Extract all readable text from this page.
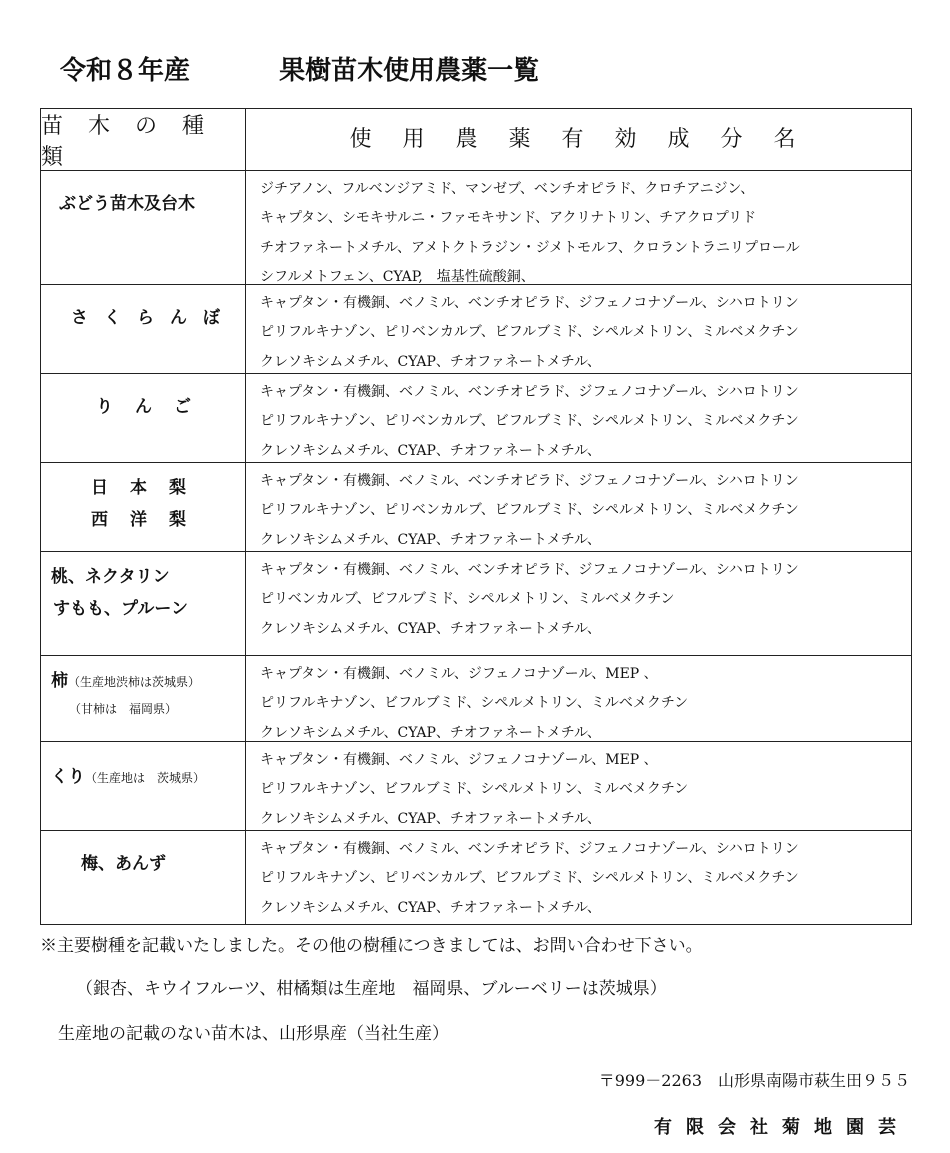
令和８年産	果樹苗木使用農薬一覧
苗 木 の 種 類
使 用 農 薬 有 効 成 分 名
ぶどう苗木及台木
ジチアノン、フルベンジアミド、マンゼブ、ベンチオピラド、クロチアニジン、
キャプタン、シモキサルニ・ファモキサンド、アクリナトリン、チアクロプリド
チオファネートメチル、アメトクトラジン・ジメトモルフ、クロラントラニリプロール
シフルメトフェン、CYAP,　塩基性硫酸銅、
さくらんぼ
キャプタン・有機銅、ベノミル、ベンチオピラド、ジフェノコナゾール、シハロトリン
ピリフルキナゾン、ピリベンカルブ、ビフルブミド、シペルメトリン、ミルベメクチン
クレソキシムメチル、CYAP、チオファネートメチル、
りんご
キャプタン・有機銅、ベノミル、ベンチオピラド、ジフェノコナゾール、シハロトリン
ピリフルキナゾン、ピリベンカルブ、ビフルブミド、シペルメトリン、ミルベメクチン
クレソキシムメチル、CYAP、チオファネートメチル、
日本梨
西洋梨
キャプタン・有機銅、ベノミル、ベンチオピラド、ジフェノコナゾール、シハロトリン
ピリフルキナゾン、ピリベンカルブ、ビフルブミド、シペルメトリン、ミルベメクチン
クレソキシムメチル、CYAP、チオファネートメチル、
桃、ネクタリン
すもも、プルーン
キャプタン・有機銅、ベノミル、ベンチオピラド、ジフェノコナゾール、シハロトリン
ピリベンカルブ、ビフルブミド、シペルメトリン、ミルベメクチン
クレソキシムメチル、CYAP、チオファネートメチル、
柿（生産地渋柿は茨城県）
（甘柿は　福岡県）
キャプタン・有機銅、ベノミル、ジフェノコナゾール、MEP 、
ピリフルキナゾン、ビフルブミド、シペルメトリン、ミルベメクチン
クレソキシムメチル、CYAP、チオファネートメチル、
くり（生産地は　茨城県）
キャプタン・有機銅、ベノミル、ジフェノコナゾール、MEP 、
ピリフルキナゾン、ビフルブミド、シペルメトリン、ミルベメクチン
クレソキシムメチル、CYAP、チオファネートメチル、
梅、あんず
キャプタン・有機銅、ベノミル、ベンチオピラド、ジフェノコナゾール、シハロトリン
ピリフルキナゾン、ピリベンカルブ、ビフルブミド、シペルメトリン、ミルベメクチン
クレソキシムメチル、CYAP、チオファネートメチル、
※主要樹種を記載いたしました。その他の樹種につきましては、お問い合わせ下さい。
（銀杏、キウイフルーツ、柑橘類は生産地　福岡県、ブルーベリーは茨城県）
生産地の記載のない苗木は、山形県産（当社生産）
〒999－2263　山形県南陽市萩生田９５５
有限会社菊地園芸
